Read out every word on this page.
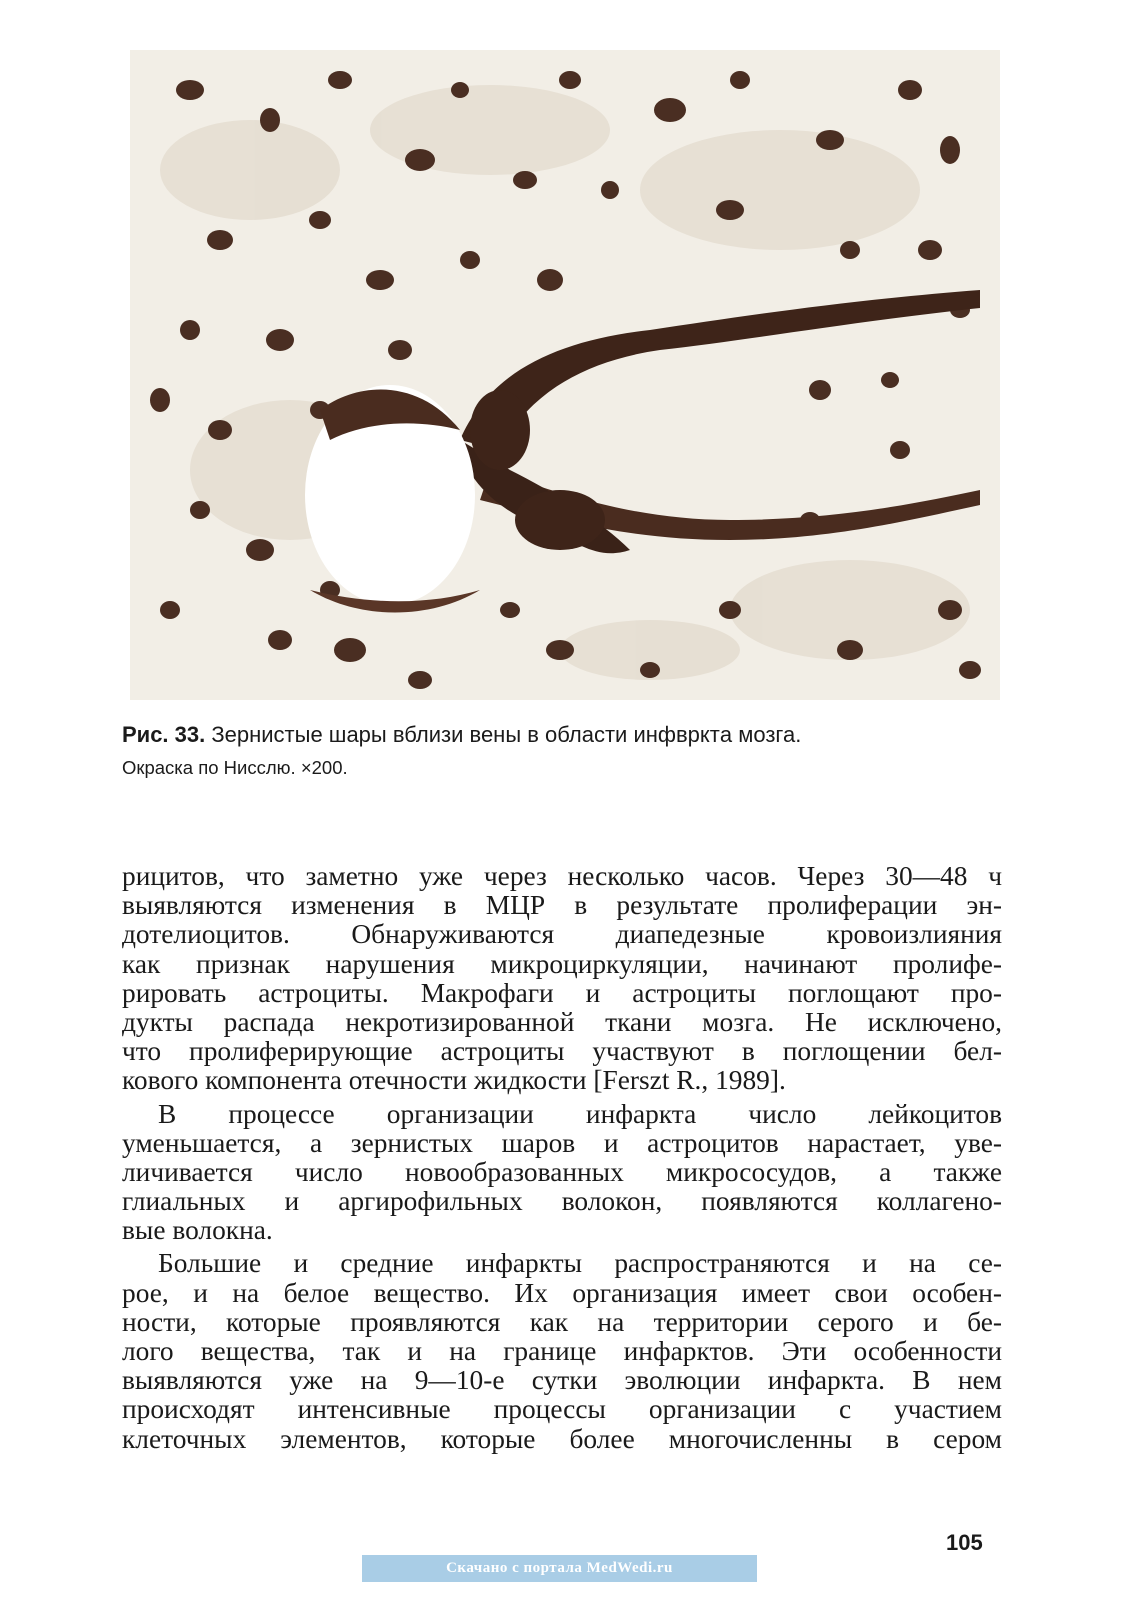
Рис. 33. Зернистые шары вблизи вены в области инфврктa мозга.
Окраска по Нисслю. ×200.
рицитов, что заметно уже через несколько часов. Через 30—48 ч
выявляются изменения в МЦР в результате пролиферации эн-
дотелиоцитов. Обнаруживаются диапедезные кровоизлияния
как признак нарушения микроциркуляции, начинают пролифе-
рировать астроциты. Макрофаги и астроциты поглощают про-
дукты распада некротизированной ткани мозга. Не исключено,
что пролиферирующие астроциты участвуют в поглощении бел-
кового компонента отечности жидкости [Ferszt R., 1989].
В процессе организации инфаркта число лейкоцитов
уменьшается, а зернистых шаров и астроцитов нарастает, уве-
личивается число новообразованных микрососудов, а также
глиальных и аргирофильных волокон, появляются коллагено-
вые волокна.
Большие и средние инфаркты распространяются и на се-
рое, и на белое вещество. Их организация имеет свои особен-
ности, которые проявляются как на территории серого и бе-
лого вещества, так и на границе инфарктов. Эти особенности
выявляются уже на 9—10-е сутки эволюции инфаркта. В нем
происходят интенсивные процессы организации с участием
клеточных элементов, которые более многочисленны в сером
105
Скачано с портала MedWedi.ru
